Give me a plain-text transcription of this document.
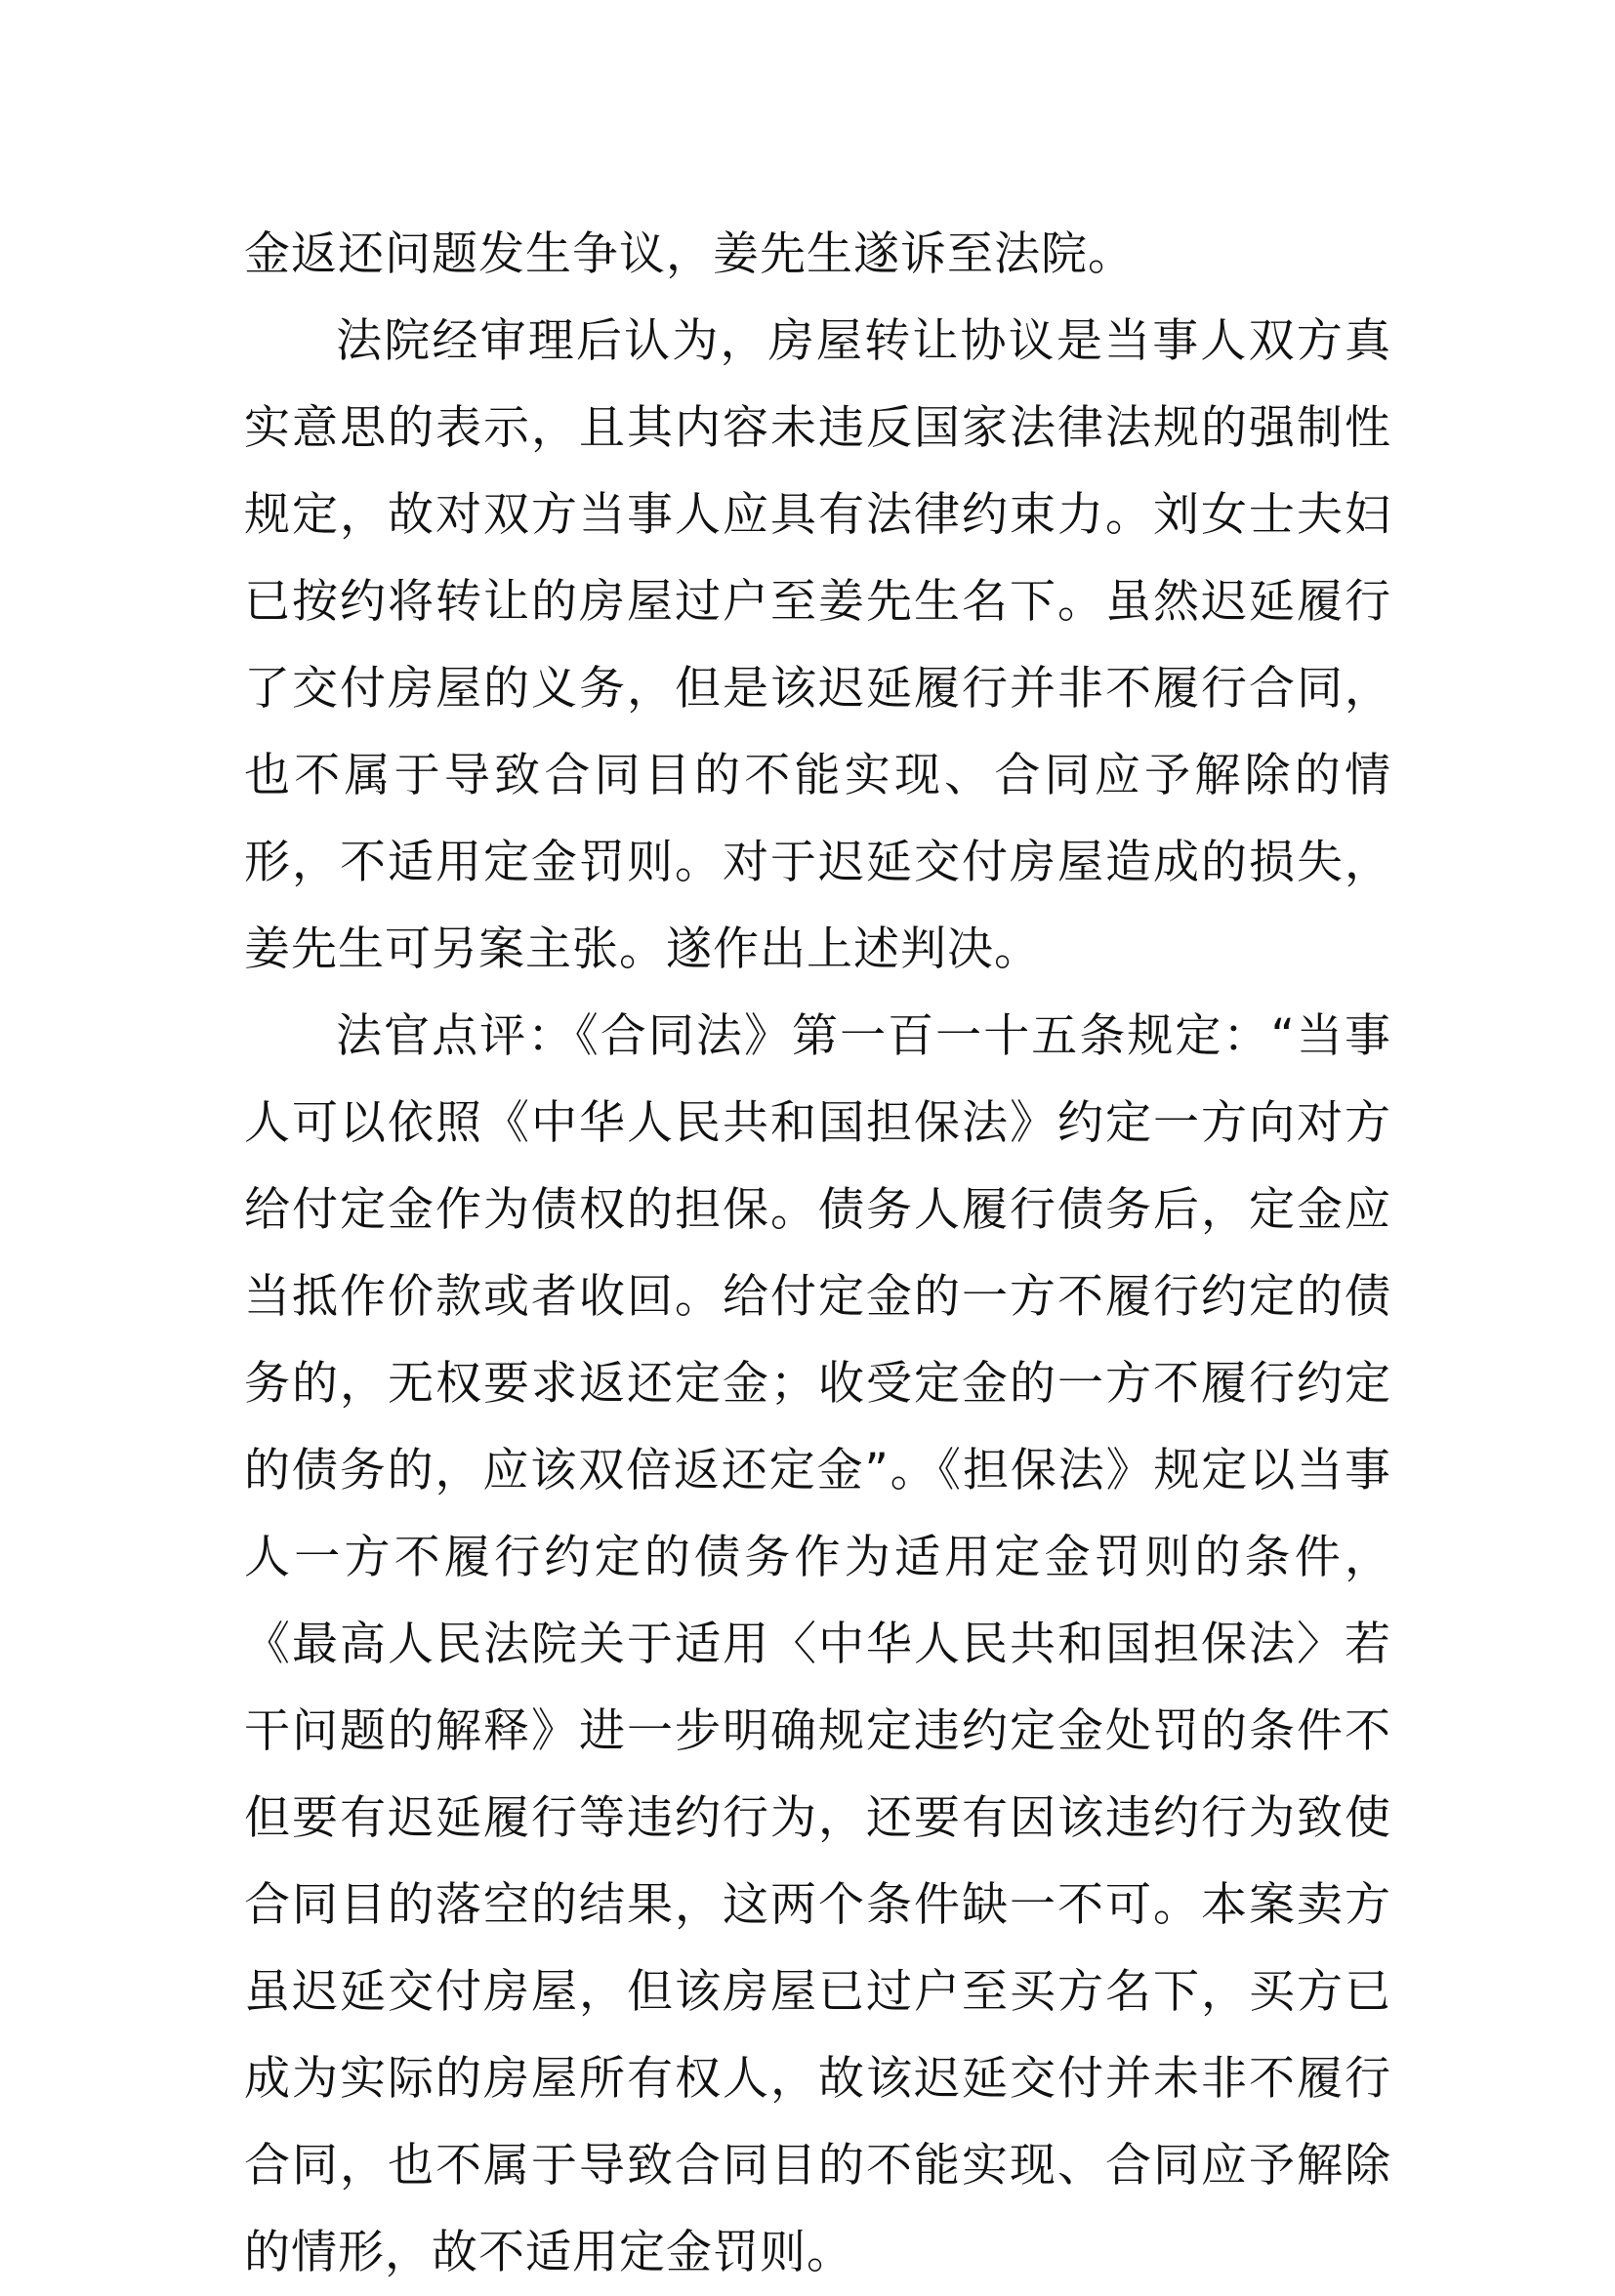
金返还问题发生争议，姜先生遂诉至法院。

法院经审理后认为，房屋转让协议是当事人双方真实意思的表示，且其内容未违反国家法律法规的强制性规定，故对双方当事人应具有法律约束力。刘女士夫妇已按约将转让的房屋过户至姜先生名下。虽然迟延履行了交付房屋的义务，但是该迟延履行并非不履行合同，也不属于导致合同目的不能实现、合同应予解除的情形，不适用定金罚则。对于迟延交付房屋造成的损失，姜先生可另案主张。遂作出上述判决。

法官点评：《合同法》第一百一十五条规定：“当事人可以依照《中华人民共和国担保法》约定一方向对方给付定金作为债权的担保。债务人履行债务后，定金应当抵作价款或者收回。给付定金的一方不履行约定的债务的，无权要求返还定金；收受定金的一方不履行约定的债务的，应该双倍返还定金”。《担保法》规定以当事人一方不履行约定的债务作为适用定金罚则的条件，《最高人民法院关于适用〈中华人民共和国担保法〉若干问题的解释》进一步明确规定违约定金处罚的条件不但要有迟延履行等违约行为，还要有因该违约行为致使合同目的落空的结果，这两个条件缺一不可。本案卖方虽迟延交付房屋，但该房屋已过户至买方名下，买方已成为实际的房屋所有权人，故该迟延交付并未非不履行合同，也不属于导致合同目的不能实现、合同应予解除的情形，故不适用定金罚则。
